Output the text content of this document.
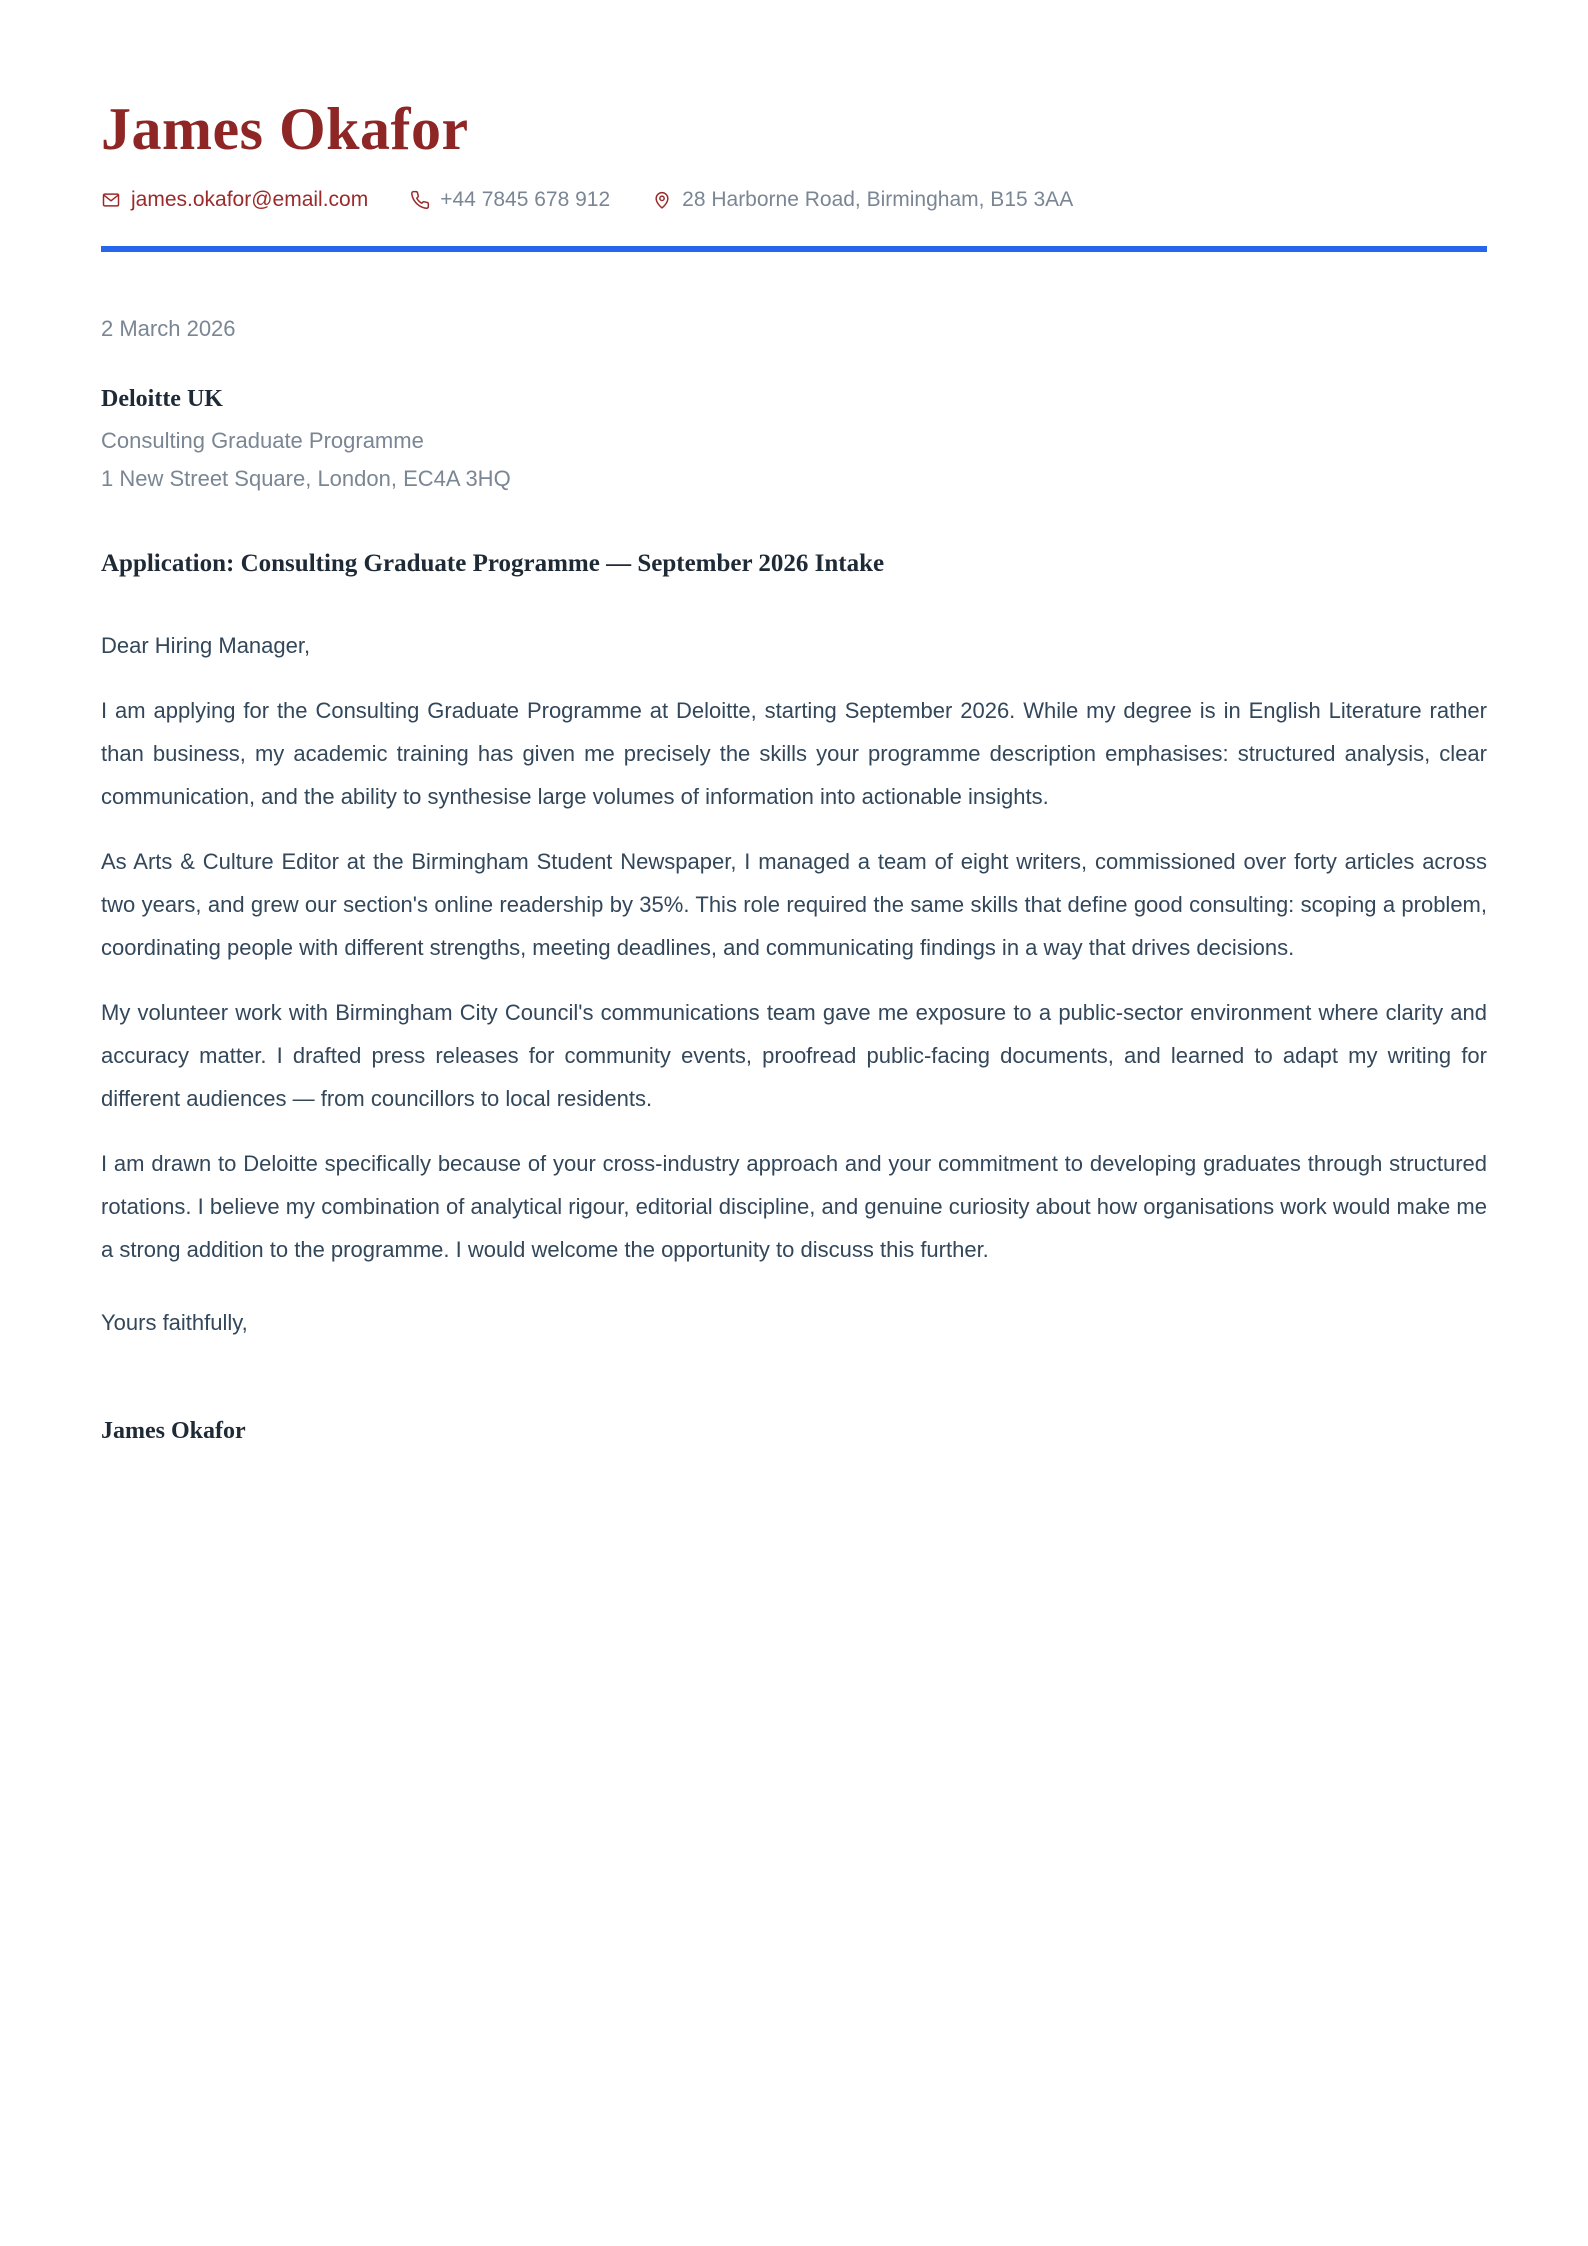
James Okafor
james.okafor@email.com	+44 7845 678 912	28 Harborne Road, Birmingham, B15 3AA

2 March 2026

Deloitte UK

Consulting Graduate Programme

1 New Street Square, London, EC4A 3HQ

Application: Consulting Graduate Programme — September 2026 Intake

Dear Hiring Manager,

I am applying for the Consulting Graduate Programme at Deloitte, starting September 2026. While my degree is in English Literature rather than business, my academic training has given me precisely the skills your programme description emphasises: structured analysis, clear communication, and the ability to synthesise large volumes of information into actionable insights.

As Arts & Culture Editor at the Birmingham Student Newspaper, I managed a team of eight writers, commissioned over forty articles across two years, and grew our section's online readership by 35%. This role required the same skills that define good consulting: scoping a problem, coordinating people with different strengths, meeting deadlines, and communicating findings in a way that drives decisions.

My volunteer work with Birmingham City Council's communications team gave me exposure to a public-sector environment where clarity and accuracy matter. I drafted press releases for community events, proofread public-facing documents, and learned to adapt my writing for different audiences — from councillors to local residents.

I am drawn to Deloitte specifically because of your cross-industry approach and your commitment to developing graduates through structured rotations. I believe my combination of analytical rigour, editorial discipline, and genuine curiosity about how organisations work would make me a strong addition to the programme. I would welcome the opportunity to discuss this further.

Yours faithfully,

James Okafor
